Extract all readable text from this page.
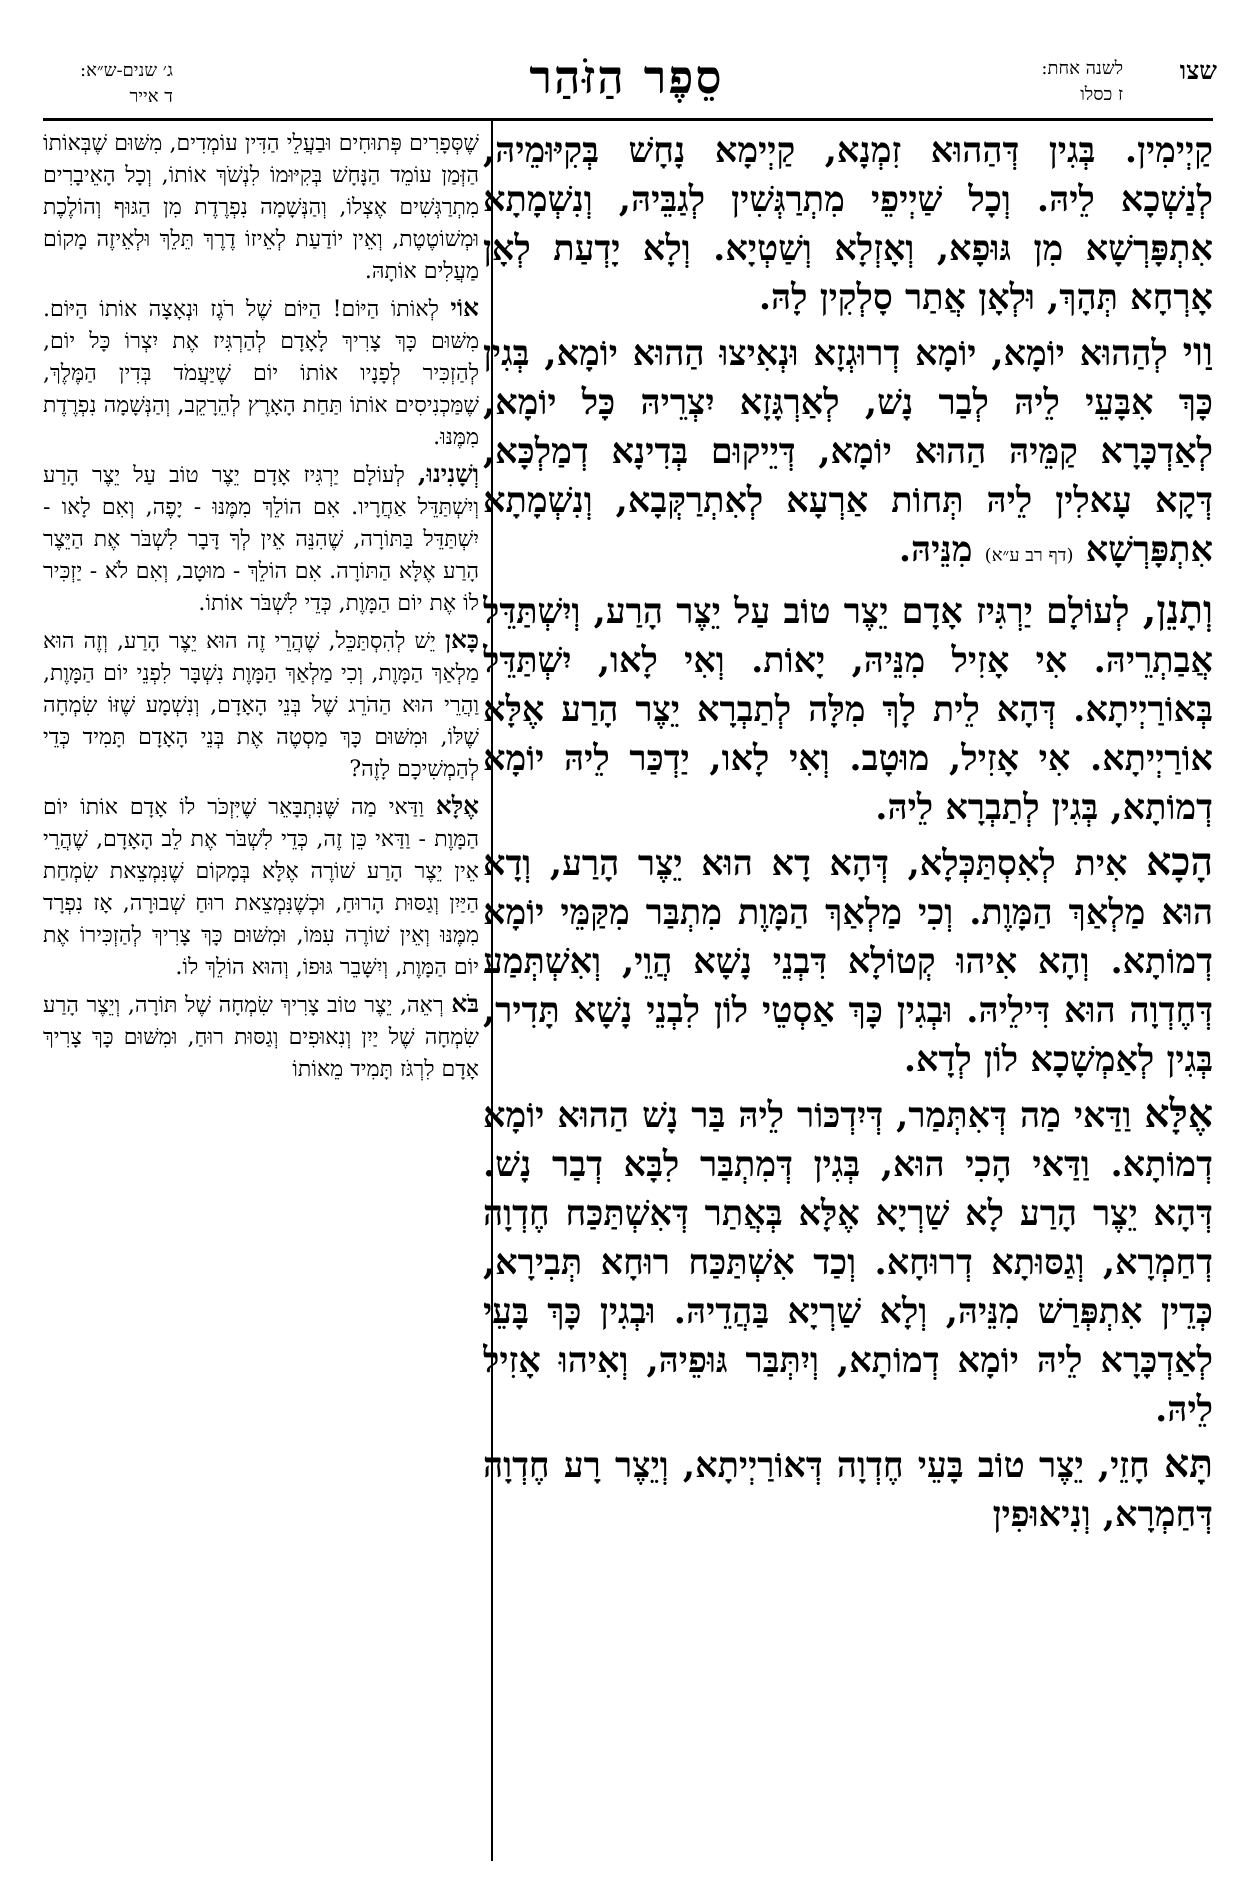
שצו
לשנה אחת:
ז כסלו
סֵפֶר הַזֹּהַר
ג׳ שנים-ש״א:
ד אייר

קַיְימִין. בְּגִין דְּהַהוּא זִמְנָא, קַיְימָא נָחָשׁ בְּקִיּוּמֵיהּ, לְנַשְׁכָא לֵיהּ. וְכָל שַׁיְיפֵי מִתְרַגְּשִׁין לְגַבֵּיהּ, וְנִשְׁמָתָא אִתְפָּרְשָׁא מִן גּוּפָא, וְאָזְלָא וְשַׁטְיָא. וְלָא יָדְעַת לְאָן אָרְחָא תְּהָךְ, וּלְאָן אֲתַר סָלְקִין לָהּ.

וַוי לְהַהוּא יוֹמָא, יוֹמָא דְרוּגְזָא וּנְאִיצוּ הַהוּא יוֹמָא, בְּגִין כָּךְ אִבָּעֵי לֵיהּ לְבַר נָשׁ, לְאַרְגָּזָא יִצְרֵיהּ כָּל יוֹמָא, לְאַדְכָּרָא קַמֵּיהּ הַהוּא יוֹמָא, דְּיֵיקוּם בְּדִינָא דְמַלְכָּא, דְּקָא עָאלִין לֵיהּ תְּחוֹת אַרְעָא לְאִתְרַקְּבָא, וְנִשְׁמָתָא אִתְפָּרְשָׁא (דף רב ע״א) מִנֵּיהּ.

וְתָנֵן, לְעוֹלָם יַרְגִּיז אָדָם יֵצֶר טוֹב עַל יֵצֶר הָרַע, וְיִשְׁתַּדֵּל אֲבַתְרֵיהּ. אִי אָזִיל מִנֵּיהּ, יָאוֹת. וְאִי לָאו, יִשְׁתַּדֵּל בְּאוֹרַיְיתָא. דְּהָא לֵית לָךְ מִלָּה לְתַבְרָא יֵצֶר הָרַע אֶלָּא אוֹרַיְיתָא. אִי אָזִיל, מוּטָב. וְאִי לָאו, יַדְכַּר לֵיהּ יוֹמָא דְמוֹתָא, בְּגִין לְתַבְרָא לֵיהּ.

הָכָא אִית לְאִסְתַּכְּלָא, דְּהָא דָא הוּא יֵצֶר הָרַע, וְדָא הוּא מַלְאַךְ הַמָּוֶת. וְכִי מַלְאַךְ הַמָּוֶת מִתְבַּר מִקַּמֵּי יוֹמָא דְמוֹתָא. וְהָא אִיהוּ קְטוֹלָא דִּבְנֵי נָשָׁא הֲוֵי, וְאִשְׁתְּמַע דְּחֶדְוָה הוּא דִּילֵיהּ. וּבְגִין כָּךְ אַסְטֵי לוֹן לִבְנֵי נָשָׁא תָּדִיר, בְּגִין לְאַמְשָׁכָא לוֹן לְדָא.

אֶלָּא וַדַּאי מַה דְּאִתְּמַר, דְּיִדְכּוֹר לֵיהּ בַּר נָשׁ הַהוּא יוֹמָא דְמוֹתָא. וַדַּאי הָכִי הוּא, בְּגִין דְּמִתְבַּר לִבָּא דְבַר נָשׁ. דְּהָא יֵצֶר הָרַע לָא שַׁרְיָא אֶלָּא בְּאֲתַר דְּאִשְׁתַּכַּח חֶדְוָה דְחַמְרָא, וְגַסּוּתָא דְרוּחָא. וְכַד אִשְׁתַּכַּח רוּחָא תְּבִירָא, כְּדֵין אִתְפְּרַשׁ מִנֵּיהּ, וְלָא שַׁרְיָא בַּהֲדֵיהּ. וּבְגִין כָּךְ בָּעֵי לְאַדְכָּרָא לֵיהּ יוֹמָא דְמוֹתָא, וְיִתְּבַּר גּוּפֵיהּ, וְאִיהוּ אָזִיל לֵיהּ.

תָּא חָזֵי, יֵצֶר טוֹב בָּעֵי חֶדְוָה דְּאוֹרַיְיתָא, וְיֵצֶר רָע חֶדְוָה דְּחַמְרָא, וְנִיאוּפִין

שֶׁסְּפָרִים פְּתוּחִים וּבַעֲלֵי הַדִּין עוֹמְדִים, מִשּׁוּם שֶׁבְּאוֹתוֹ הַזְּמַן עוֹמֵד הַנָּחָשׁ בְּקִיּוּמוֹ לִנְשֹׁךְ אוֹתוֹ, וְכָל הָאֵיבָרִים מִתְרַגְּשִׁים אֶצְלוֹ, וְהַנְּשָׁמָה נִפְרֶדֶת מִן הַגּוּף וְהוֹלֶכֶת וּמְשׁוֹטֶטֶת, וְאֵין יוֹדַעַת לְאֵיזוֹ דֶרֶךְ תֵּלֵךְ וּלְאֵיזֶה מָקוֹם מַעֲלִים אוֹתָהּ.

אוֹי לְאוֹתוֹ הַיּוֹם! הַיּוֹם שֶׁל רֹגֶז וּנְאָצָה אוֹתוֹ הַיּוֹם. מִשּׁוּם כָּךְ צָרִיךְ לָאָדָם לְהַרְגִּיז אֶת יִצְרוֹ כָּל יוֹם, לְהַזְכִּיר לְפָנָיו אוֹתוֹ יוֹם שֶׁיַּעֲמֹד בְּדִין הַמֶּלֶךְ, שֶׁמַּכְנִיסִים אוֹתוֹ תַּחַת הָאָרֶץ לְהֵרָקֵב, וְהַנְּשָׁמָה נִפְרֶדֶת מִמֶּנּוּ.

וְשָׁנִינוּ, לְעוֹלָם יַרְגִּיז אָדָם יֵצֶר טוֹב עַל יֵצֶר הָרַע וְיִשְׁתַּדֵּל אַחֲרָיו. אִם הוֹלֵךְ מִמֶּנּוּ - יָפֶה, וְאִם לָאו - יִשְׁתַּדֵּל בַּתּוֹרָה, שֶׁהִנֵּה אֵין לְךָ דָּבָר לִשְׁבֹּר אֶת הַיֵּצֶר הָרַע אֶלָּא הַתּוֹרָה. אִם הוֹלֵךְ - מוּטָב, וְאִם לֹא - יַזְכִּיר לוֹ אֶת יוֹם הַמָּוֶת, כְּדֵי לִשְׁבֹּר אוֹתוֹ.

כָּאן יֵשׁ לְהִסְתַּכֵּל, שֶׁהֲרֵי זֶה הוּא יֵצֶר הָרַע, וְזֶה הוּא מַלְאַךְ הַמָּוֶת, וְכִי מַלְאַךְ הַמָּוֶת נִשְׁבָּר לִפְנֵי יוֹם הַמָּוֶת, וַהֲרֵי הוּא הַהֹרֵג שֶׁל בְּנֵי הָאָדָם, וְנִשְׁמָע שֶׁזּוֹ שִׂמְחָה שֶׁלּוֹ, וּמִשּׁוּם כָּךְ מַסְטֶה אֶת בְּנֵי הָאָדָם תָּמִיד כְּדֵי לְהַמְשִׁיכָם לָזֶה?

אֶלָּא וַדַּאי מַה שֶּׁנִּתְבָּאֵר שֶׁיִּזְכֹּר לוֹ אָדָם אוֹתוֹ יוֹם הַמָּוֶת - וַדַּאי כֵּן זֶה, כְּדֵי לִשְׁבֹּר אֶת לֵב הָאָדָם, שֶׁהֲרֵי אֵין יֵצֶר הָרַע שׁוֹרֶה אֶלָּא בְּמָקוֹם שֶׁנִּמְצֵאת שִׂמְחַת הַיַּיִן וְגַסּוּת הָרוּחַ, וּכְשֶׁנִּמְצֵאת רוּחַ שְׁבוּרָה, אָז נִפְרָד מִמֶּנּוּ וְאֵין שׁוֹרֶה עִמּוֹ, וּמִשּׁוּם כָּךְ צָרִיךְ לְהַזְכִּירוֹ אֶת יוֹם הַמָּוֶת, וְיִשָּׁבֵר גּוּפוֹ, וְהוּא הוֹלֵךְ לוֹ.

בֹּא רְאֵה, יֵצֶר טוֹב צָרִיךְ שִׂמְחָה שֶׁל תּוֹרָה, וְיֵצֶר הָרַע שִׂמְחָה שֶׁל יַיִן וְנִאוּפִים וְגַסּוּת רוּחַ, וּמִשּׁוּם כָּךְ צָרִיךְ אָדָם לִרְגֹּז תָּמִיד מֵאוֹתוֹ
